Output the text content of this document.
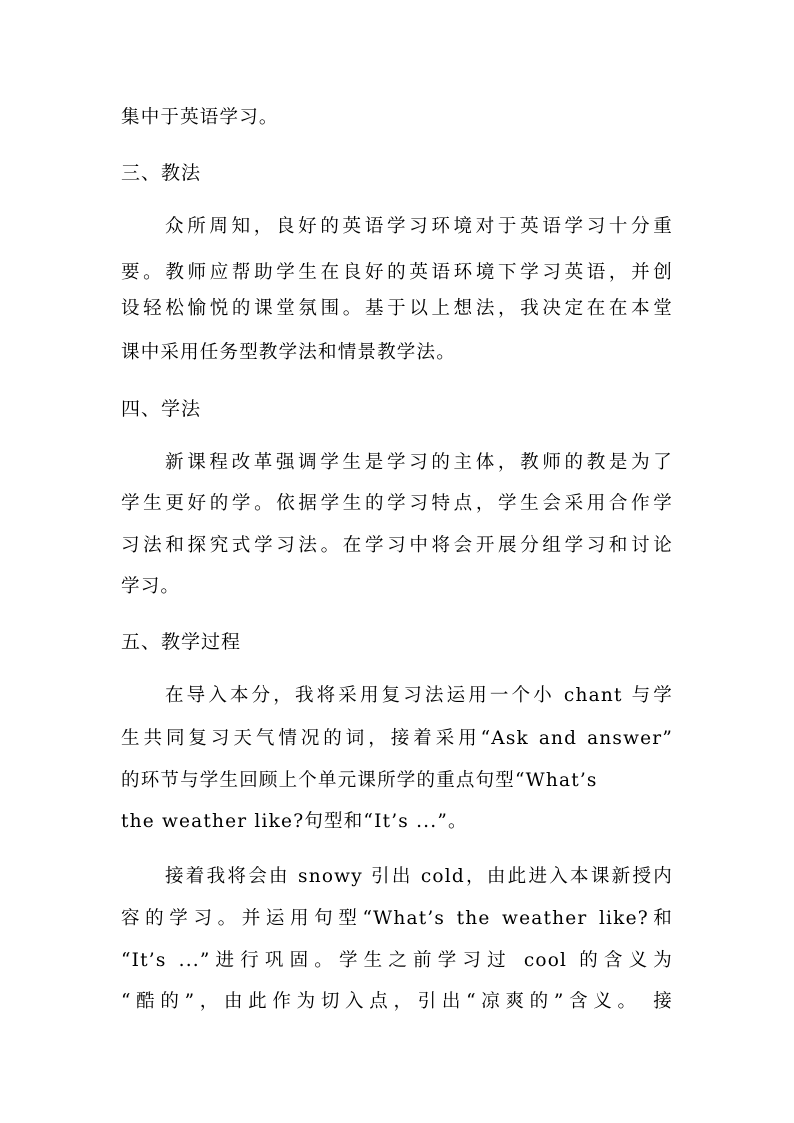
集中于英语学习。
三、教法
众所周知，良好的英语学习环境对于英语学习十分重
要。教师应帮助学生在良好的英语环境下学习英语，并创
设轻松愉悦的课堂氛围。基于以上想法，我决定在在本堂
课中采用任务型教学法和情景教学法。
四、学法
新课程改革强调学生是学习的主体，教师的教是为了
学生更好的学。依据学生的学习特点，学生会采用合作学
习法和探究式学习法。在学习中将会开展分组学习和讨论
学习。
五、教学过程
在导入本分，我将采用复习法运用一个小 chant 与学
生共同复习天气情况的词，接着采用“Ask and answer”
的环节与学生回顾上个单元课所学的重点句型“What’s
the weather like?句型和“It’s ...”。
接着我将会由 snowy 引出 cold，由此进入本课新授内
容的学习。并运用句型“What’s the weather like?和
“It’s ...”进行巩固。学生之前学习过 cool 的含义为
“酷的”，由此作为切入点，引出“凉爽的”含义。 接
